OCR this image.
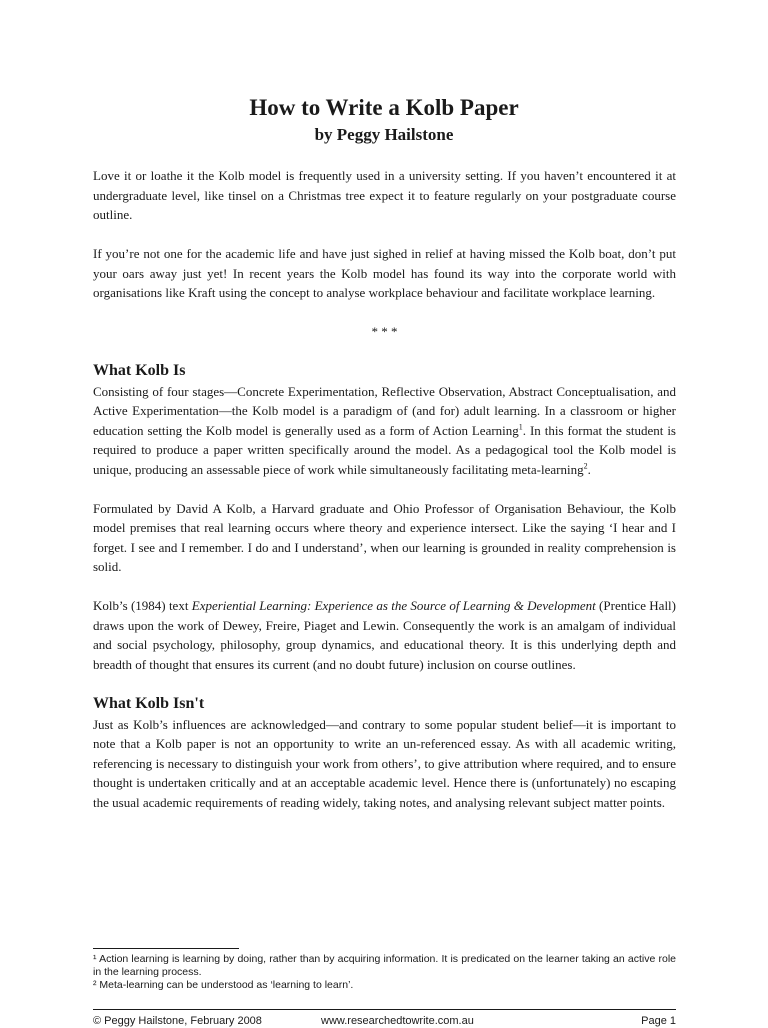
How to Write a Kolb Paper
by Peggy Hailstone

Love it or loathe it the Kolb model is frequently used in a university setting. If you haven’t encountered it at undergraduate level, like tinsel on a Christmas tree expect it to feature regularly on your postgraduate course outline.

If you’re not one for the academic life and have just sighed in relief at having missed the Kolb boat, don’t put your oars away just yet! In recent years the Kolb model has found its way into the corporate world with organisations like Kraft using the concept to analyse workplace behaviour and facilitate workplace learning.

* * *
What Kolb Is

Consisting of four stages—Concrete Experimentation, Reflective Observation, Abstract Conceptualisation, and Active Experimentation—the Kolb model is a paradigm of (and for) adult learning. In a classroom or higher education setting the Kolb model is generally used as a form of Action Learning$^1$. In this format the student is required to produce a paper written specifically around the model. As a pedagogical tool the Kolb model is unique, producing an assessable piece of work while simultaneously facilitating meta-learning$^2$.

Formulated by David A Kolb, a Harvard graduate and Ohio Professor of Organisation Behaviour, the Kolb model premises that real learning occurs where theory and experience intersect. Like the saying ‘I hear and I forget. I see and I remember. I do and I understand’, when our learning is grounded in reality comprehension is solid.

Kolb’s (1984) text Experiential Learning: Experience as the Source of Learning & Development (Prentice Hall) draws upon the work of Dewey, Freire, Piaget and Lewin. Consequently the work is an amalgam of individual and social psychology, philosophy, group dynamics, and educational theory. It is this underlying depth and breadth of thought that ensures its current (and no doubt future) inclusion on course outlines.

What Kolb Isn't

Just as Kolb’s influences are acknowledged—and contrary to some popular student belief—it is important to note that a Kolb paper is not an opportunity to write an un-referenced essay. As with all academic writing, referencing is necessary to distinguish your work from others’, to give attribution where required, and to ensure thought is undertaken critically and at an acceptable academic level. Hence there is (unfortunately) no escaping the usual academic requirements of reading widely, taking notes, and analysing relevant subject matter points.

¹ Action learning is learning by doing, rather than by acquiring information. It is predicated on the learner taking an active role in the learning process.

² Meta-learning can be understood as ‘learning to learn’.

© Peggy Hailstone, February 2008	www.researchedtowrite.com.au	Page 1
